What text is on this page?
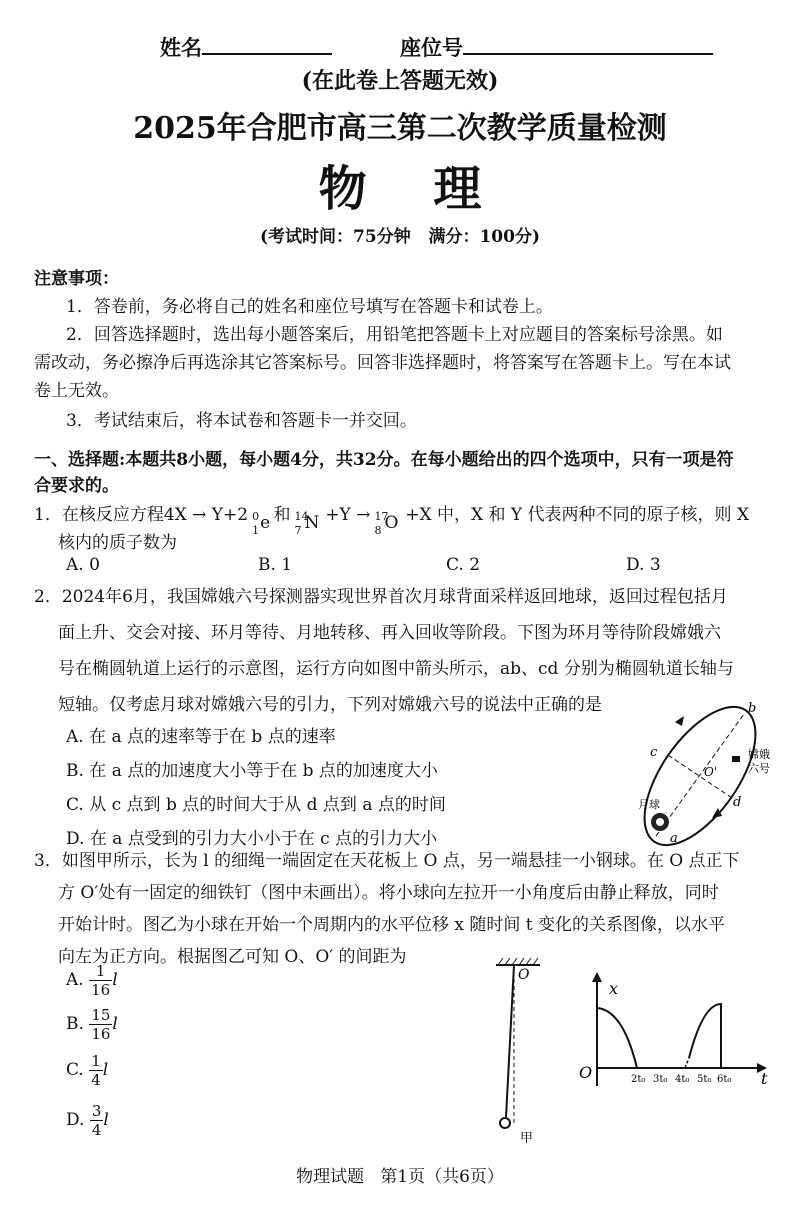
姓名	座位号
(在此卷上答题无效)
2025年合肥市高三第二次教学质量检测
物    理
(考试时间：75分钟   满分：100分)
注意事项：
1．答卷前，务必将自己的姓名和座位号填写在答题卡和试卷上。
2．回答选择题时，选出每小题答案后，用铅笔把答题卡上对应题目的答案标号涂黑。如
需改动，务必擦净后再选涂其它答案标号。回答非选择题时，将答案写在答题卡上。写在本试
卷上无效。
3．考试结束后，将本试卷和答题卡一并交回。
一、选择题:本题共8小题，每小题4分，共32分。在每小题给出的四个选项中，只有一项是符
合要求的。
1．在核反应方程4X → Y+2 0
1 e 和 14
7 N +Y → 17
8 O +X 中，X 和 Y 代表两种不同的原子核，则 X
核内的质子数为
A. 0	B. 1	C. 2	D. 3
2．2024年6月，我国嫦娥六号探测器实现世界首次月球背面采样返回地球，返回过程包括月
面上升、交会对接、环月等待、月地转移、再入回收等阶段。下图为环月等待阶段嫦娥六
号在椭圆轨道上运行的示意图，运行方向如图中箭头所示，ab、cd 分别为椭圆轨道长轴与
短轴。仅考虑月球对嫦娥六号的引力，下列对嫦娥六号的说法中正确的是
A. 在 a 点的速率等于在 b 点的速率
B. 在 a 点的加速度大小等于在 b 点的加速度大小
C. 从 c 点到 b 点的时间大于从 d 点到 a 点的时间
D. 在 a 点受到的引力大小小于在 c 点的引力大小
b
c
d
a
O'
嫦娥
六号
月球
3．如图甲所示，长为 l 的细绳一端固定在天花板上 O 点，另一端悬挂一小钢球。在 O 点正下
方 O′处有一固定的细铁钉（图中未画出）。将小球向左拉开一小角度后由静止释放，同时
开始计时。图乙为小球在开始一个周期内的水平位移 x 随时间 t 变化的关系图像，以水平
向左为正方向。根据图乙可知 O、O′ 的间距为
A. $\frac{1}{16}$ l
B. $\frac{15}{16}$ l
C. $\frac{1}{4}$ l
D. $\frac{3}{4}$ l
O
甲
x
t
O	2t₀ 3t₀ 4t₀ 5t₀ 6t₀
物理试题   第1页（共6页）
